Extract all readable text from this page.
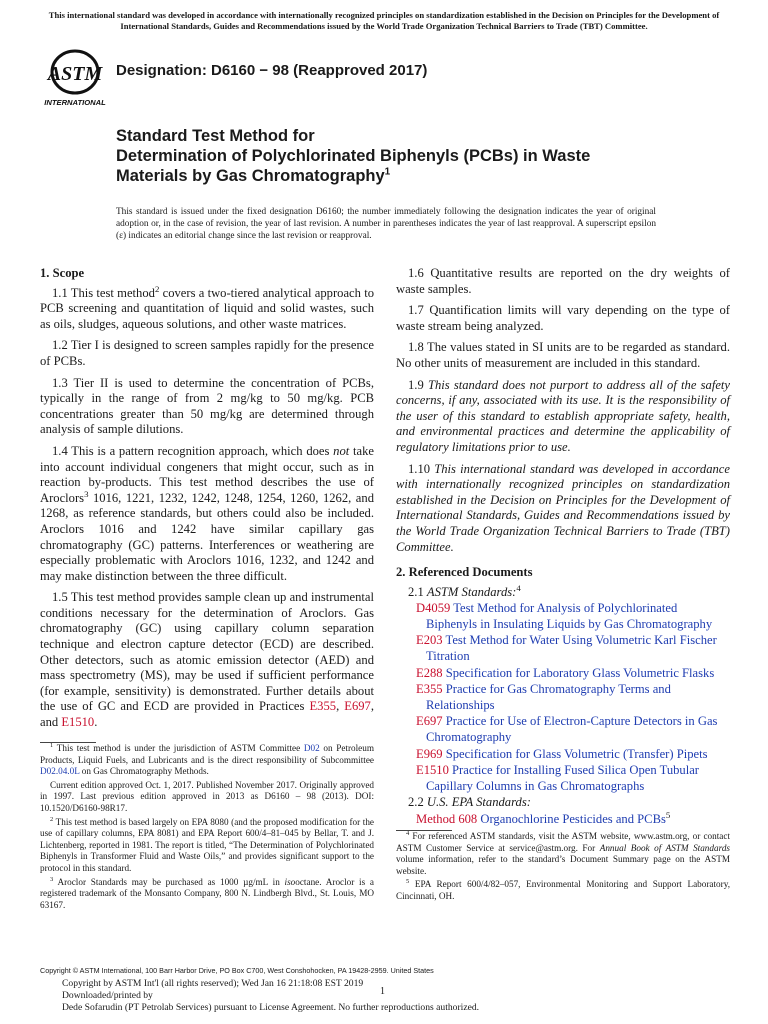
This international standard was developed in accordance with internationally recognized principles on standardization established in the Decision on Principles for the Development of International Standards, Guides and Recommendations issued by the World Trade Organization Technical Barriers to Trade (TBT) Committee.
ASTM
INTERNATIONAL
Designation: D6160 − 98 (Reapproved 2017)
Standard Test Method for
Determination of Polychlorinated Biphenyls (PCBs) in Waste
Materials by Gas Chromatography$^1$
This standard is issued under the fixed designation D6160; the number immediately following the designation indicates the year of original adoption or, in the case of revision, the year of last revision. A number in parentheses indicates the year of last reapproval. A superscript epsilon (ε) indicates an editorial change since the last revision or reapproval.
1. Scope

1.1 This test method$^2$ covers a two-tiered analytical approach to PCB screening and quantitation of liquid and solid wastes, such as oils, sludges, aqueous solutions, and other waste matrices.

1.2 Tier I is designed to screen samples rapidly for the presence of PCBs.

1.3 Tier II is used to determine the concentration of PCBs, typically in the range of from 2 mg/kg to 50 mg/kg. PCB concentrations greater than 50 mg/kg are determined through analysis of sample dilutions.

1.4 This is a pattern recognition approach, which does not take into account individual congeners that might occur, such as in reaction by-products. This test method describes the use of Aroclors$^3$ 1016, 1221, 1232, 1242, 1248, 1254, 1260, 1262, and 1268, as reference standards, but others could also be included. Aroclors 1016 and 1242 have similar capillary gas chromatography (GC) patterns. Interferences or weathering are especially problematic with Aroclors 1016, 1232, and 1242 and may make distinction between the three difficult.

1.5 This test method provides sample clean up and instrumental conditions necessary for the determination of Aroclors. Gas chromatography (GC) using capillary column separation technique and electron capture detector (ECD) are described. Other detectors, such as atomic emission detector (AED) and mass spectrometry (MS), may be used if sufficient performance (for example, sensitivity) is demonstrated. Further details about the use of GC and ECD are provided in Practices E355, E697, and E1510.

$^1$ This test method is under the jurisdiction of ASTM Committee D02 on Petroleum Products, Liquid Fuels, and Lubricants and is the direct responsibility of Subcommittee D02.04.0L on Gas Chromatography Methods.

Current edition approved Oct. 1, 2017. Published November 2017. Originally approved in 1997. Last previous edition approved in 2013 as D6160 – 98 (2013). DOI: 10.1520/D6160-98R17.

$^2$ This test method is based largely on EPA 8080 (and the proposed modification for the use of capillary columns, EPA 8081) and EPA Report 600/4–81–045 by Bellar, T. and J. Lichtenberg, reported in 1981. The report is titled, “The Determination of Polychlorinated Biphenyls in Transformer Fluid and Waste Oils,” and provides significant support to the protocol in this standard.

$^3$ Aroclor Standards may be purchased as 1000 µg/mL in isooctane. Aroclor is a registered trademark of the Monsanto Company, 800 N. Lindbergh Blvd., St. Louis, MO 63167.

1.6 Quantitative results are reported on the dry weights of waste samples.

1.7 Quantification limits will vary depending on the type of waste stream being analyzed.

1.8 The values stated in SI units are to be regarded as standard. No other units of measurement are included in this standard.

1.9 This standard does not purport to address all of the safety concerns, if any, associated with its use. It is the responsibility of the user of this standard to establish appropriate safety, health, and environmental practices and determine the applicability of regulatory limitations prior to use.

1.10 This international standard was developed in accordance with internationally recognized principles on standardization established in the Decision on Principles for the Development of International Standards, Guides and Recommendations issued by the World Trade Organization Technical Barriers to Trade (TBT) Committee.

2. Referenced Documents
2.1 ASTM Standards:$^4$
D4059 Test Method for Analysis of Polychlorinated Biphenyls in Insulating Liquids by Gas Chromatography
E203 Test Method for Water Using Volumetric Karl Fischer Titration
E288 Specification for Laboratory Glass Volumetric Flasks
E355 Practice for Gas Chromatography Terms and Relationships
E697 Practice for Use of Electron-Capture Detectors in Gas Chromatography
E969 Specification for Glass Volumetric (Transfer) Pipets
E1510 Practice for Installing Fused Silica Open Tubular Capillary Columns in Gas Chromatographs
2.2 U.S. EPA Standards:
Method 608 Organochlorine Pesticides and PCBs$^5$

$^4$ For referenced ASTM standards, visit the ASTM website, www.astm.org, or contact ASTM Customer Service at service@astm.org. For Annual Book of ASTM Standards volume information, refer to the standard’s Document Summary page on the ASTM website.

$^5$ EPA Report 600/4/82–057, Environmental Monitoring and Support Laboratory, Cincinnati, OH.

Copyright © ASTM International, 100 Barr Harbor Drive, PO Box C700, West Conshohocken, PA 19428-2959. United States
Copyright by ASTM Int'l (all rights reserved); Wed Jan 16 21:18:08 EST 2019
Downloaded/printed by
Dede Sofarudin (PT Petrolab Services) pursuant to License Agreement. No further reproductions authorized.
1
